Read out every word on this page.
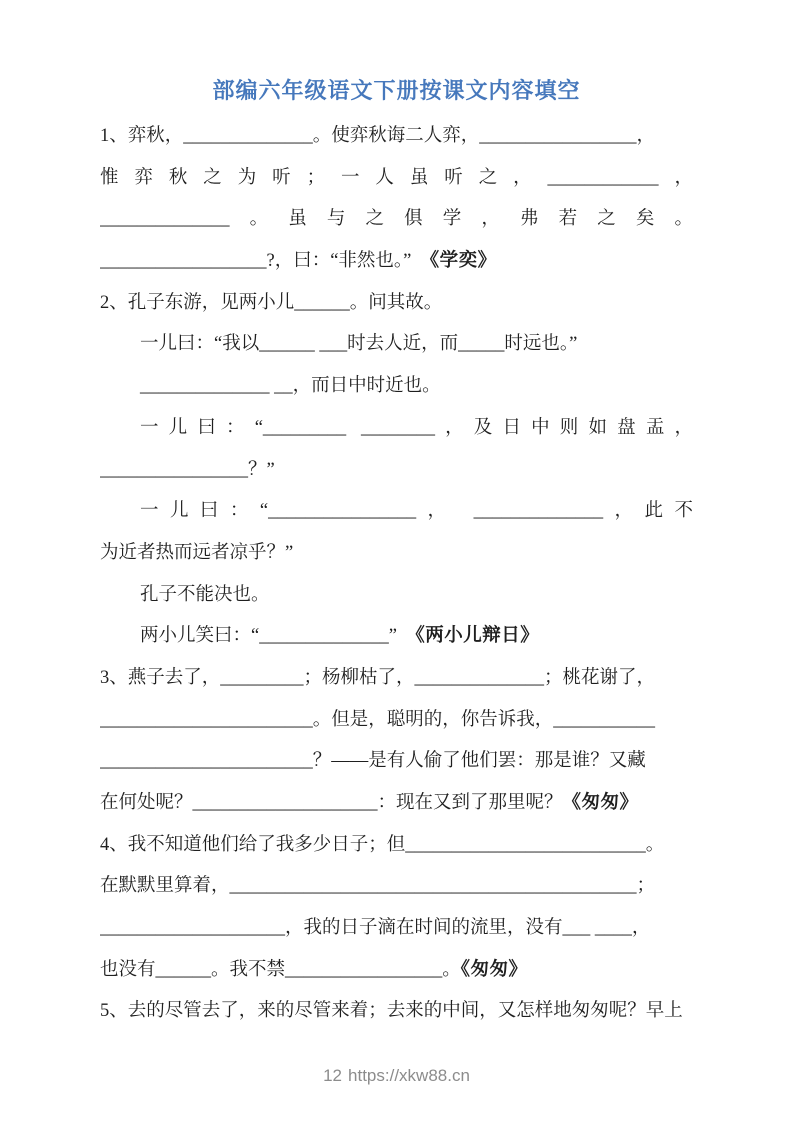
部编六年级语文下册按课文内容填空
1、弈秋，______________。使弈秋诲二人弈，_________________，
惟弈秋之为听；一人虽听之，____________，
______________。虽与之俱学，弗若之矣。
__________________?，曰：“非然也。”　《学奕》
2、孔子东游，见两小儿______。问其故。
一儿曰：“我以______ ___时去人近，而_____时远也。”
______________ __，而日中时近也。
一儿曰：“_________ ________，及日中则如盘盂，
________________？”
一儿曰：“________________， ______________，此不
为近者热而远者凉乎？”
孔子不能决也。
两小儿笑曰：“______________”　《两小儿辩日》
3、燕子去了，_________；杨柳枯了，______________；桃花谢了，
_______________________。但是，聪明的，你告诉我，___________
_______________________？——是有人偷了他们罢：那是谁？又藏
在何处呢？____________________：现在又到了那里呢？《匆匆》
4、我不知道他们给了我多少日子；但__________________________。
在默默里算着，____________________________________________；
____________________，我的日子滴在时间的流里，没有___ ____，
也没有______。我不禁_________________。《匆匆》
5、去的尽管去了，来的尽管来着；去来的中间，又怎样地匆匆呢？早上
12 https://xkw88.cn
